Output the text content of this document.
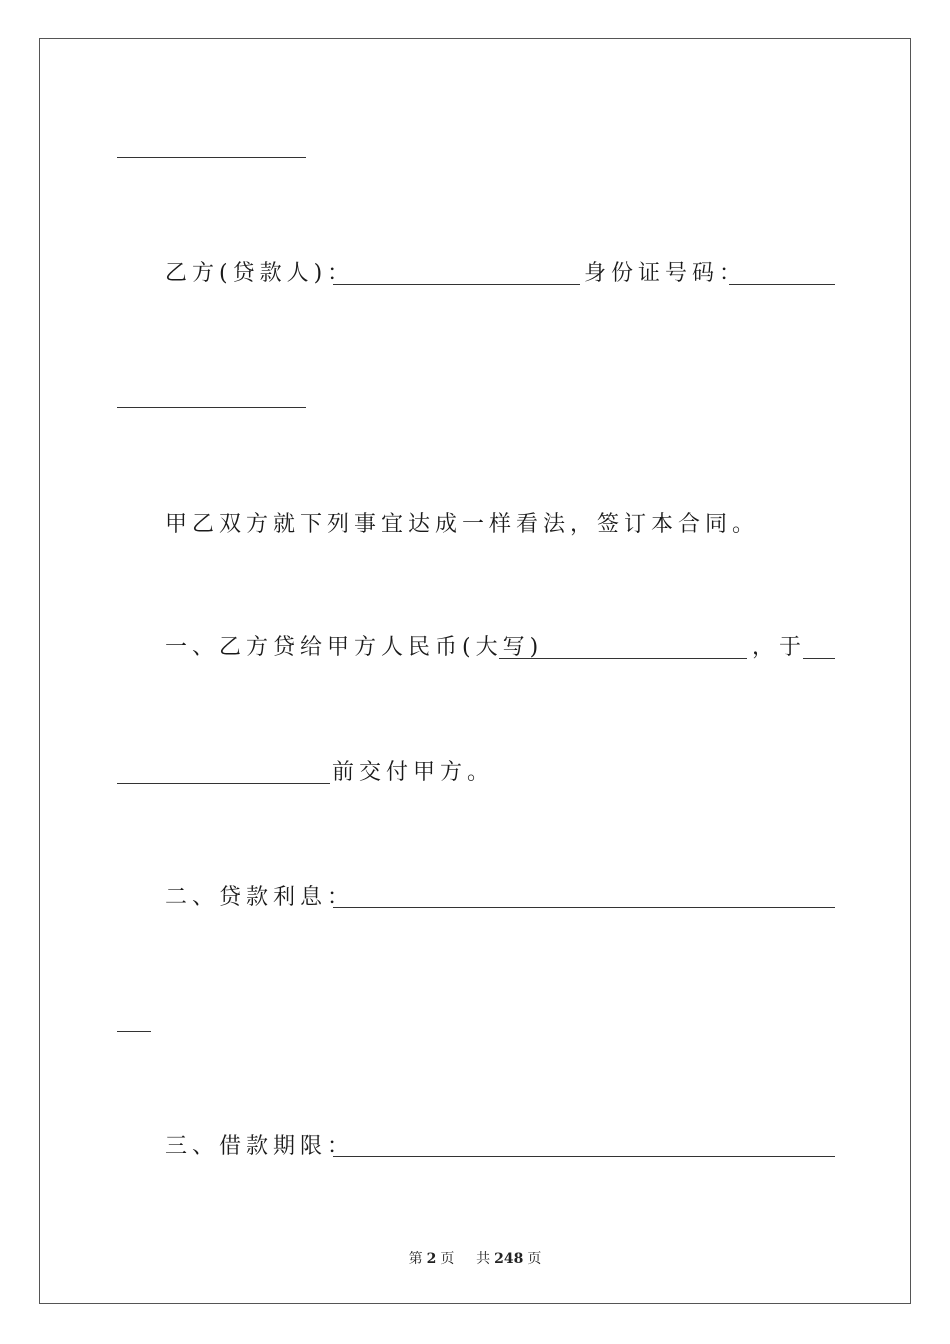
乙方(贷款人)：	身份证号码：
甲乙双方就下列事宜达成一样看法，签订本合同。
一、乙方贷给甲方人民币(大写)	，于
前交付甲方。
二、贷款利息：
三、借款期限：
第 2 页 共 248 页
